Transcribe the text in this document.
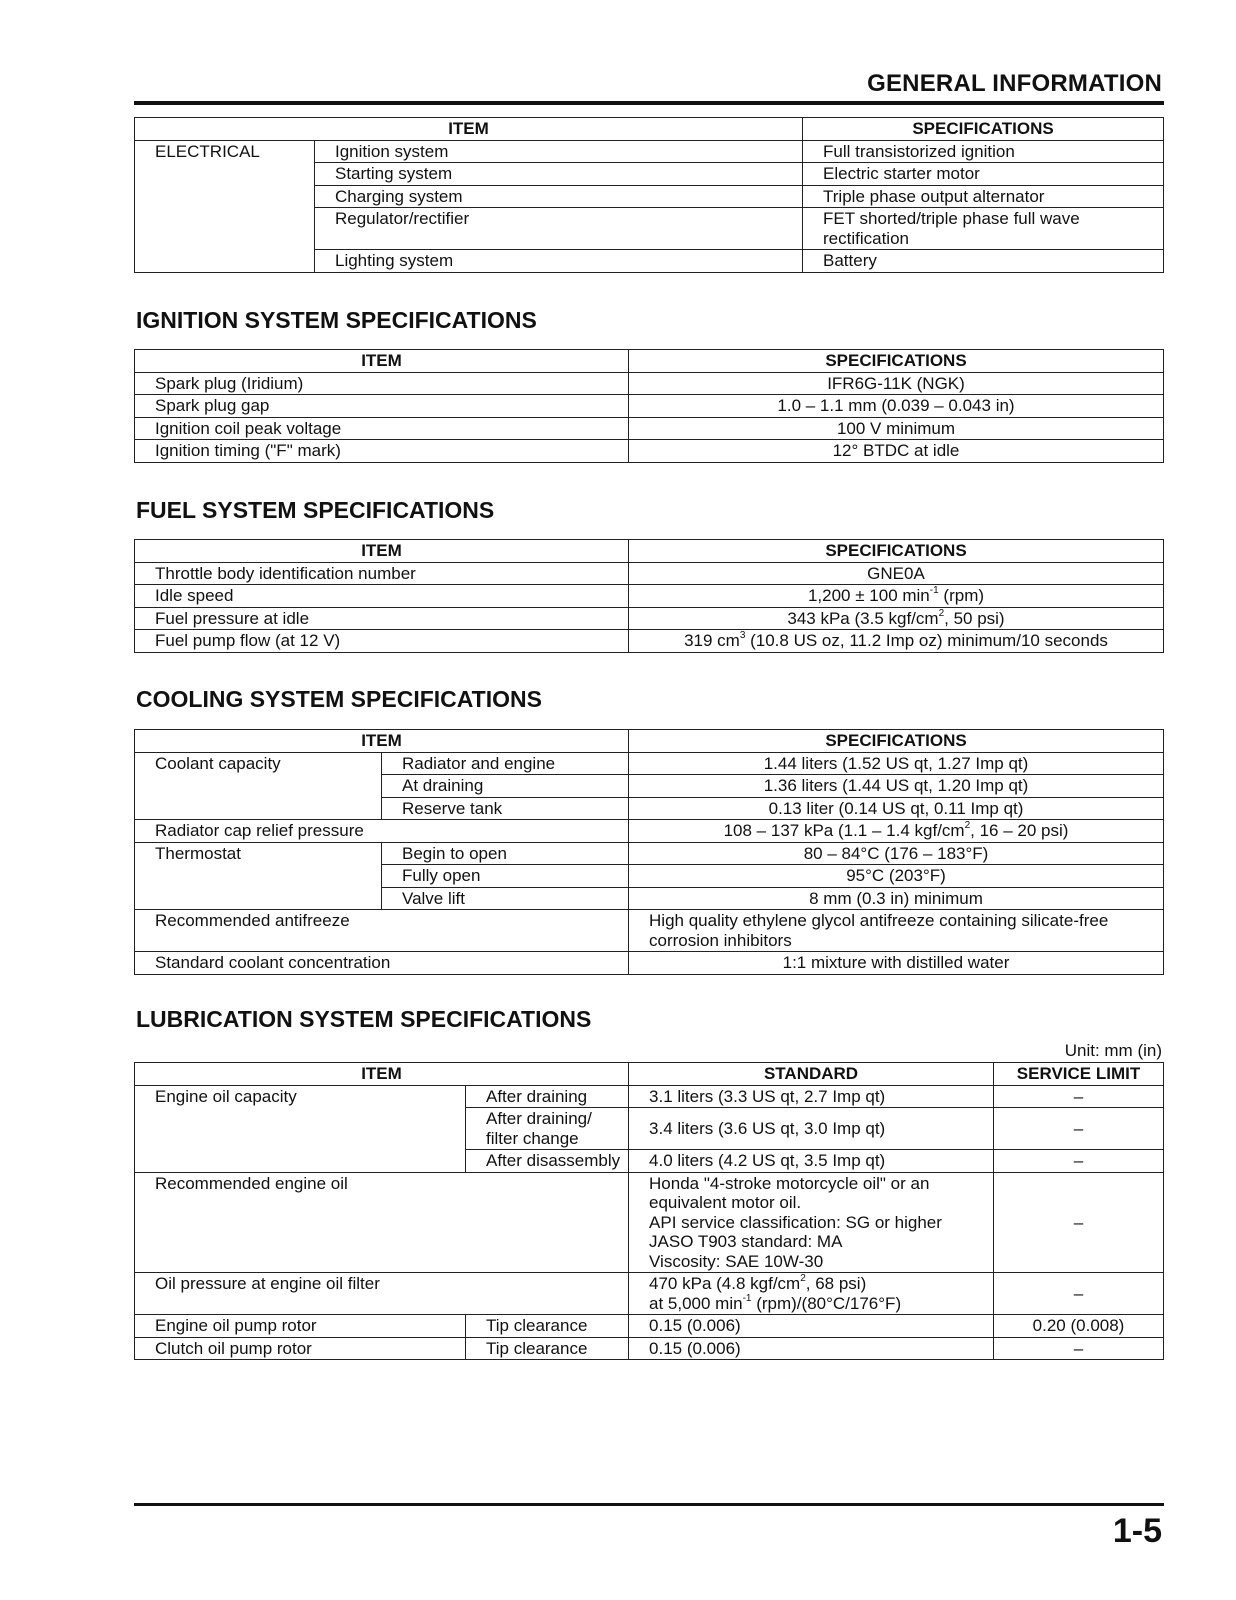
GENERAL INFORMATION
ITEM		SPECIFICATIONS
ELECTRICAL	Ignition system	Full transistorized ignition
	Starting system	Electric starter motor
	Charging system	Triple phase output alternator
	Regulator/rectifier	FET shorted/triple phase full wave rectification
	Lighting system	Battery
IGNITION SYSTEM SPECIFICATIONS
ITEM	SPECIFICATIONS
Spark plug (Iridium)	IFR6G-11K (NGK)
Spark plug gap	1.0 – 1.1 mm (0.039 – 0.043 in)
Ignition coil peak voltage	100 V minimum
Ignition timing ("F" mark)	12° BTDC at idle
FUEL SYSTEM SPECIFICATIONS
ITEM	SPECIFICATIONS
Throttle body identification number	GNE0A
Idle speed	1,200 ± 100 $\min^{-1} (rpm)$
Fuel pressure at idle	343 kPa (3.5 kgf/$cm^2$, 50 psi)
Fuel pump flow (at 12 V)	319 $cm^3$ (10.8 US oz, 11.2 Imp oz) minimum/10 seconds
COOLING SYSTEM SPECIFICATIONS
ITEM		SPECIFICATIONS
Coolant capacity	Radiator and engine	1.44 liters (1.52 US qt, 1.27 Imp qt)
	At draining	1.36 liters (1.44 US qt, 1.20 Imp qt)
	Reserve tank	0.13 liter (0.14 US qt, 0.11 Imp qt)
Radiator cap relief pressure		108 – 137 kPa (1.1 – 1.4 kgf/$cm^2$, 16 – 20 psi)
Thermostat	Begin to open	80 – 84°C (176 – 183°F)
	Fully open	95°C (203°F)
	Valve lift	8 mm (0.3 in) minimum
Recommended antifreeze		High quality ethylene glycol antifreeze containing silicate-free corrosion inhibitors
Standard coolant concentration		1:1 mixture with distilled water
LUBRICATION SYSTEM SPECIFICATIONS
Unit: mm (in)
ITEM		STANDARD	SERVICE LIMIT
Engine oil capacity	After draining	3.1 liters (3.3 US qt, 2.7 Imp qt)	–
	After draining/ filter change	3.4 liters (3.6 US qt, 3.0 Imp qt)	–
	After disassembly	4.0 liters (4.2 US qt, 3.5 Imp qt)	–
Recommended engine oil		Honda "4-stroke motorcycle oil" or an equivalent motor oil.
API service classification: SG or higher
JASO T903 standard: MA
Viscosity: SAE 10W-30	–
Oil pressure at engine oil filter		470 kPa (4.8 kgf/$cm^2$, 68 psi)
at 5,000 $\min^{-1} (rpm)/(80^\circ C/176^\circ F)$	–
Engine oil pump rotor	Tip clearance	0.15 (0.006)	0.20 (0.008)
Clutch oil pump rotor	Tip clearance	0.15 (0.006)	–
1-5
